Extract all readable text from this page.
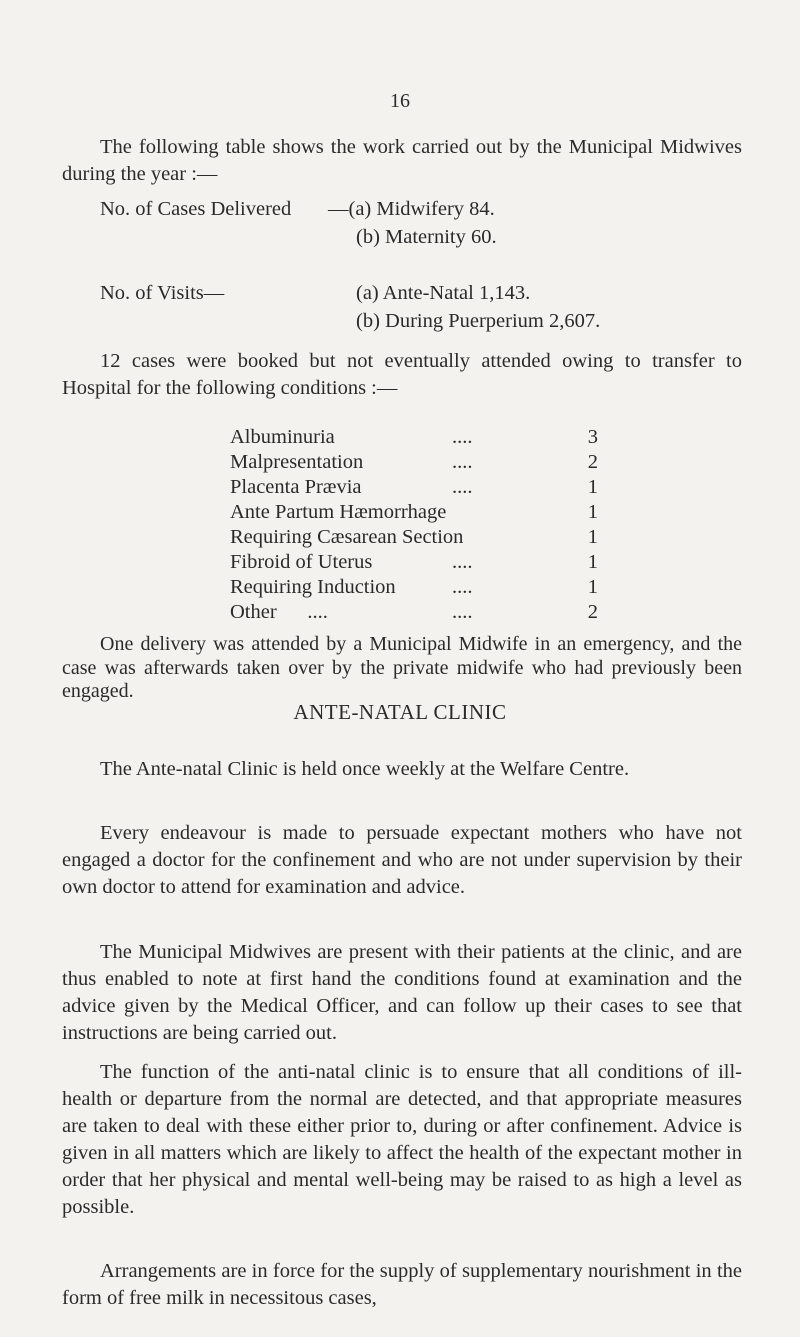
16

The following table shows the work carried out by the Municipal Midwives during the year :—

No. of Cases Delivered —(a) Midwifery 84.
(b) Maternity 60.
No. of Visits—	(a) Ante-Natal 1,143.
(b) During Puerperium 2,607.

12 cases were booked but not eventually attended owing to transfer to Hospital for the following conditions :—

Albuminuria	....	3
Malpresentation	....	2
Placenta Prævia	....	1
Ante Partum Hæmorrhage	1
Requiring Cæsarean Section	1
Fibroid of Uterus	....	1
Requiring Induction	....	1
Other      ....	....	2

One delivery was attended by a Municipal Midwife in an emergency, and the case was afterwards taken over by the private midwife who had previously been engaged.

ANTE-NATAL CLINIC

The Ante-natal Clinic is held once weekly at the Welfare Centre.

Every endeavour is made to persuade expectant mothers who have not engaged a doctor for the confinement and who are not under supervision by their own doctor to attend for examination and advice.

The Municipal Midwives are present with their patients at the clinic, and are thus enabled to note at first hand the conditions found at examination and the advice given by the Medical Officer, and can follow up their cases to see that instructions are being carried out.

The function of the anti-natal clinic is to ensure that all conditions of ill-health or departure from the normal are detected, and that appropriate measures are taken to deal with these either prior to, during or after confinement. Advice is given in all matters which are likely to affect the health of the expectant mother in order that her physical and mental well-being may be raised to as high a level as possible.

Arrangements are in force for the supply of supplementary nourishment in the form of free milk in necessitous cases,
